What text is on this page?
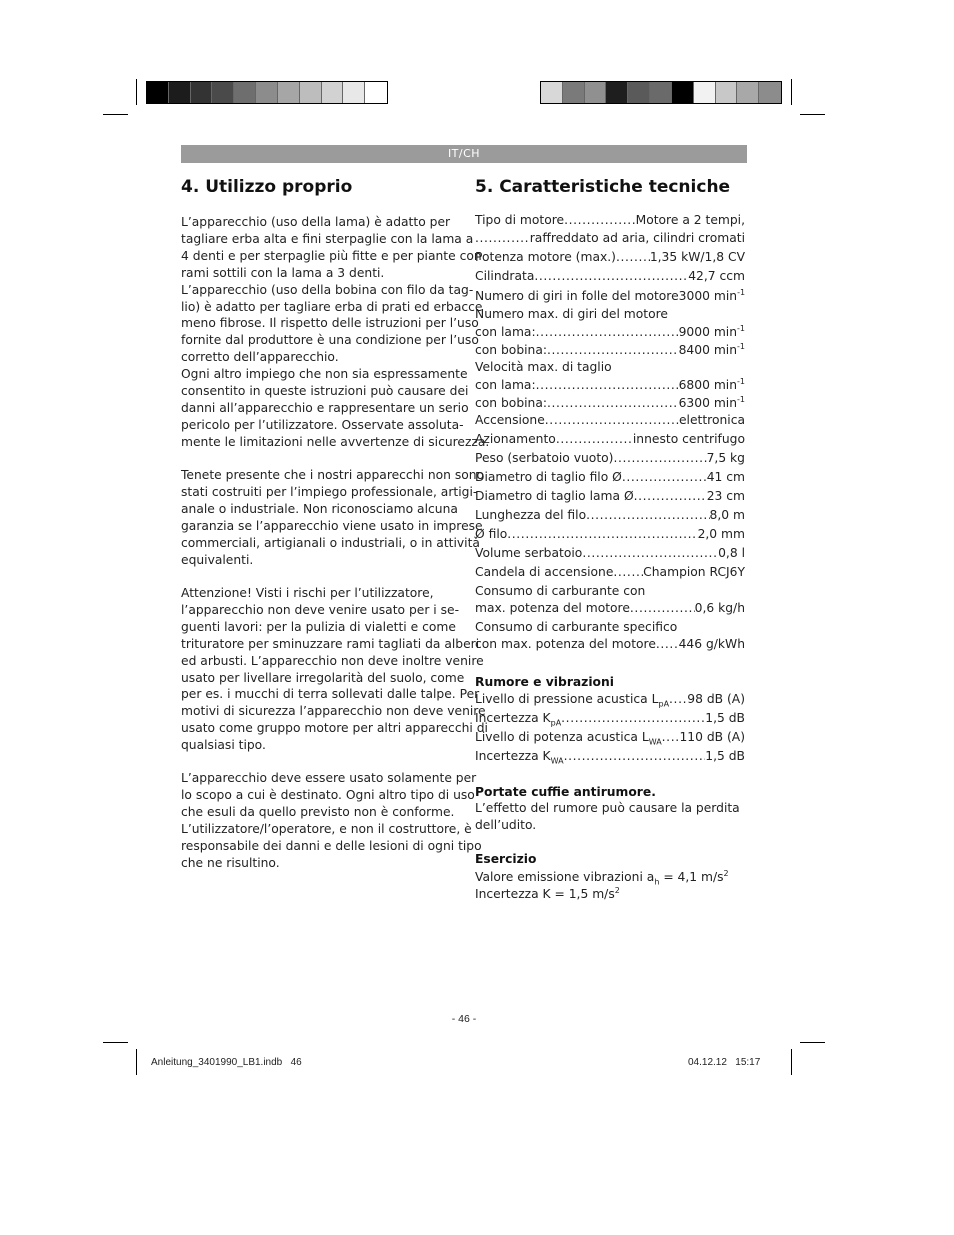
IT/CH
4. Utilizzo proprio
L’apparecchio (uso della lama) è adatto per
tagliare erba alta e fini sterpaglie con la lama a
4 denti e per sterpaglie più fitte e per piante con
rami sottili con la lama a 3 denti.
L’apparecchio (uso della bobina con filo da tag-
lio) è adatto per tagliare erba di prati ed erbacce
meno fibrose. Il rispetto delle istruzioni per l’uso
fornite dal produttore è una condizione per l’uso
corretto dell’apparecchio.
Ogni altro impiego che non sia espressamente
consentito in queste istruzioni può causare dei
danni all’apparecchio e rappresentare un serio
pericolo per l’utilizzatore. Osservate assoluta-
mente le limitazioni nelle avvertenze di sicurezza.
Tenete presente che i nostri apparecchi non sono
stati costruiti per l’impiego professionale, artigi-
anale o industriale. Non riconosciamo alcuna
garanzia se l’apparecchio viene usato in imprese
commerciali, artigianali o industriali, o in attività
equivalenti.
Attenzione! Visti i rischi per l’utilizzatore,
l’apparecchio non deve venire usato per i se-
guenti lavori: per la pulizia di vialetti e come
trituratore per sminuzzare rami tagliati da alberi
ed arbusti. L’apparecchio non deve inoltre venire
usato per livellare irregolarità del suolo, come
per es. i mucchi di terra sollevati dalle talpe. Per
motivi di sicurezza l’apparecchio non deve venire
usato come gruppo motore per altri apparecchi di
qualsiasi tipo.
L’apparecchio deve essere usato solamente per
lo scopo a cui è destinato. Ogni altro tipo di uso
che esuli da quello previsto non è conforme.
L’utilizzatore/l’operatore, e non il costruttore, è
responsabile dei danni e delle lesioni di ogni tipo
che ne risultino.
5. Caratteristiche tecniche
Tipo di motore .....	Motore a 2 tempi,
.....
raffreddato ad aria, cilindri cromati
Potenza motore (max.) .....	1,35 kW/1,8 CV
Cilindrata .....	42,7 ccm
Numero di giri in folle del motore 3000 $\min^{-1}$
Numero max. di giri del motore
con lama: .....	9000 $\min^{-1}$
con bobina: .....	8400 $\min^{-1}$
Velocità max. di taglio
con lama: .....	6800 $\min^{-1}$
con bobina: .....	6300 $\min^{-1}$
Accensione .....	elettronica
Azionamento .....	innesto centrifugo
Peso (serbatoio vuoto) .....	7,5 kg
Diametro di taglio filo Ø .....	41 cm
Diametro di taglio lama Ø .....	23 cm
Lunghezza del filo .....	8,0 m
Ø filo .....	2,0 mm
Volume serbatoio .....	0,8 l
Candela di accensione ..... Champion RCJ6Y
Consumo di carburante con
max. potenza del motore .....	0,6 kg/h
Consumo di carburante specifico
con max. potenza del motore ..... 446 g/kWh
Rumore e vibrazioni
Livello di pressione acustica $L_{pA}$ ..... 98 dB (A)
Incertezza $K_{pA}$ .....	1,5 dB
Livello di potenza acustica $L_{WA}$ ..... 110 dB (A)
Incertezza $K_{WA}$ .....	1,5 dB
Portate cuffie antirumore.
L’effetto del rumore può causare la perdita
dell’udito.
Esercizio
Valore emissione vibrazioni $a_h = 4,1$ $m/s^2$
Incertezza K = 1,5 $m/s^2$
- 46 -
Anleitung_3401990_LB1.indb   46	04.12.12   15:17
